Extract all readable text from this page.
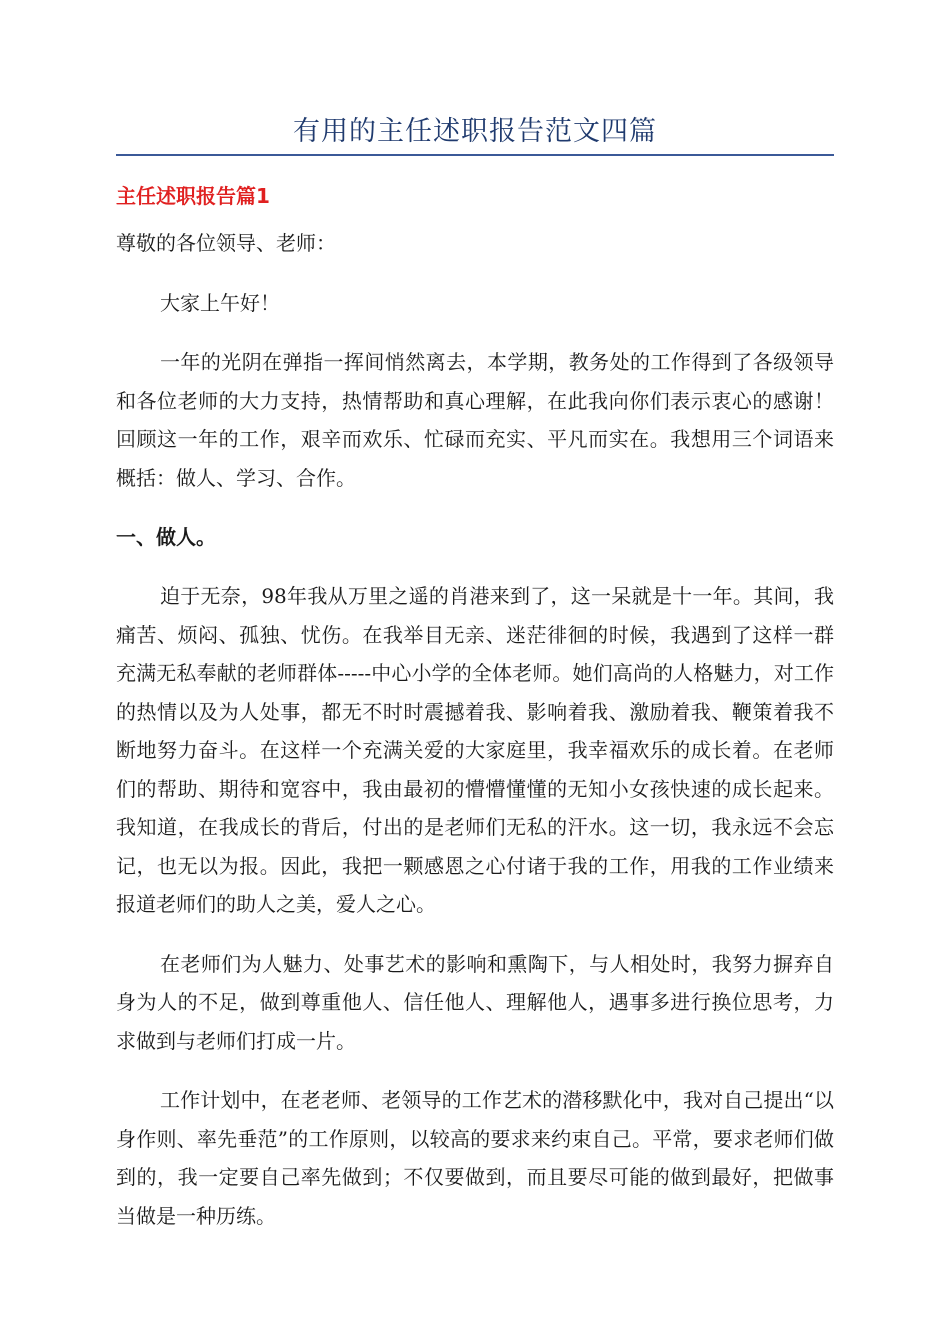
有用的主任述职报告范文四篇
主任述职报告篇1

尊敬的各位领导、老师：

大家上午好！

一年的光阴在弹指一挥间悄然离去，本学期，教务处的工作得到了各级领导和各位老师的大力支持，热情帮助和真心理解，在此我向你们表示衷心的感谢！回顾这一年的工作，艰辛而欢乐、忙碌而充实、平凡而实在。我想用三个词语来概括：做人、学习、合作。

一、做人。

迫于无奈，98年我从万里之遥的肖港来到了，这一呆就是十一年。其间，我痛苦、烦闷、孤独、忧伤。在我举目无亲、迷茫徘徊的时候，我遇到了这样一群充满无私奉献的老师群体-----中心小学的全体老师。她们高尚的人格魅力，对工作的热情以及为人处事，都无不时时震撼着我、影响着我、激励着我、鞭策着我不断地努力奋斗。在这样一个充满关爱的大家庭里，我幸福欢乐的成长着。在老师们的帮助、期待和宽容中，我由最初的懵懵懂懂的无知小女孩快速的成长起来。我知道，在我成长的背后，付出的是老师们无私的汗水。这一切，我永远不会忘记，也无以为报。因此，我把一颗感恩之心付诸于我的工作，用我的工作业绩来报道老师们的助人之美，爱人之心。

在老师们为人魅力、处事艺术的影响和熏陶下，与人相处时，我努力摒弃自身为人的不足，做到尊重他人、信任他人、理解他人，遇事多进行换位思考，力求做到与老师们打成一片。

工作计划中，在老老师、老领导的工作艺术的潜移默化中，我对自己提出“以身作则、率先垂范”的工作原则，以较高的要求来约束自己。平常，要求老师们做到的，我一定要自己率先做到；不仅要做到，而且要尽可能的做到最好，把做事当做是一种历练。
